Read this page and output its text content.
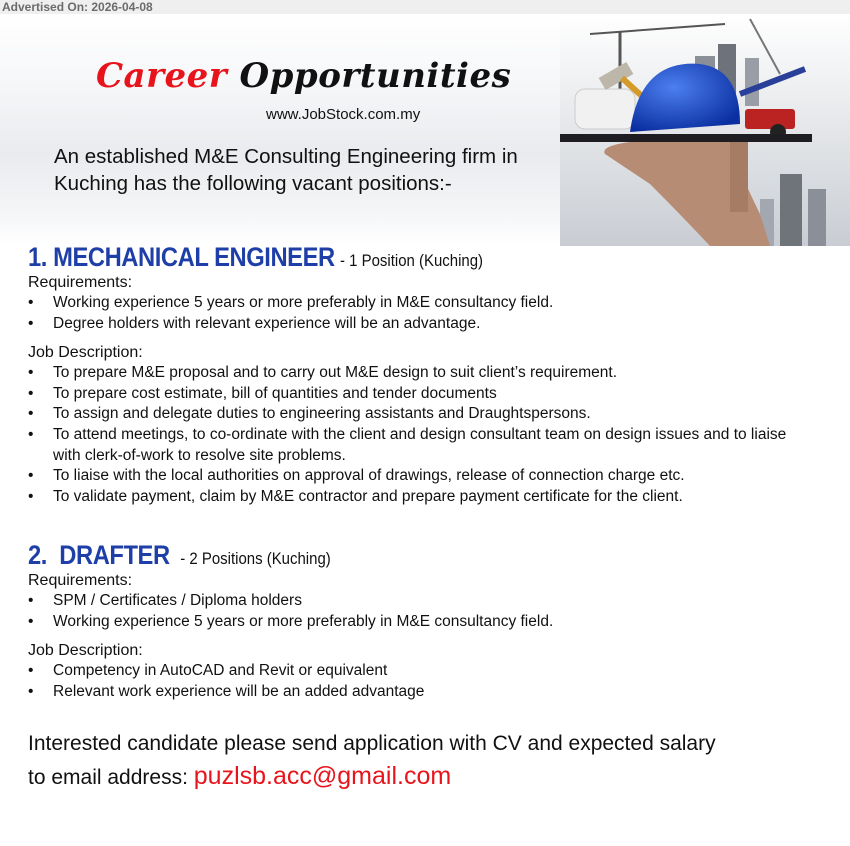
Advertised On: 2026-04-08
Career Opportunities
www.JobStock.com.my
An established M&E Consulting Engineering firm in Kuching has the following vacant positions:-
1. MECHANICAL ENGINEER - 1 Position (Kuching)

Requirements:

• Working experience 5 years or more preferably in M&E consultancy field.
• Degree holders with relevant experience will be an advantage.

Job Description:

• To prepare M&E proposal and to carry out M&E design to suit client’s requirement.
• To prepare cost estimate, bill of quantities and tender documents
• To assign and delegate duties to engineering assistants and Draughtspersons.
• To attend meetings, to co-ordinate with the client and design consultant team on design issues and to liaise with clerk-of-work to resolve site problems.
• To liaise with the local authorities on approval of drawings, release of connection charge etc.
• To validate payment, claim by M&E contractor and prepare payment certificate for the client.
2.  DRAFTER - 2 Positions (Kuching)

Requirements:

• SPM / Certificates / Diploma holders
• Working experience 5 years or more preferably in M&E consultancy field.

Job Description:

• Competency in AutoCAD and Revit or equivalent
• Relevant work experience will be an added advantage
Interested candidate please send application with CV and expected salary
to email address: puzlsb.acc@gmail.com
